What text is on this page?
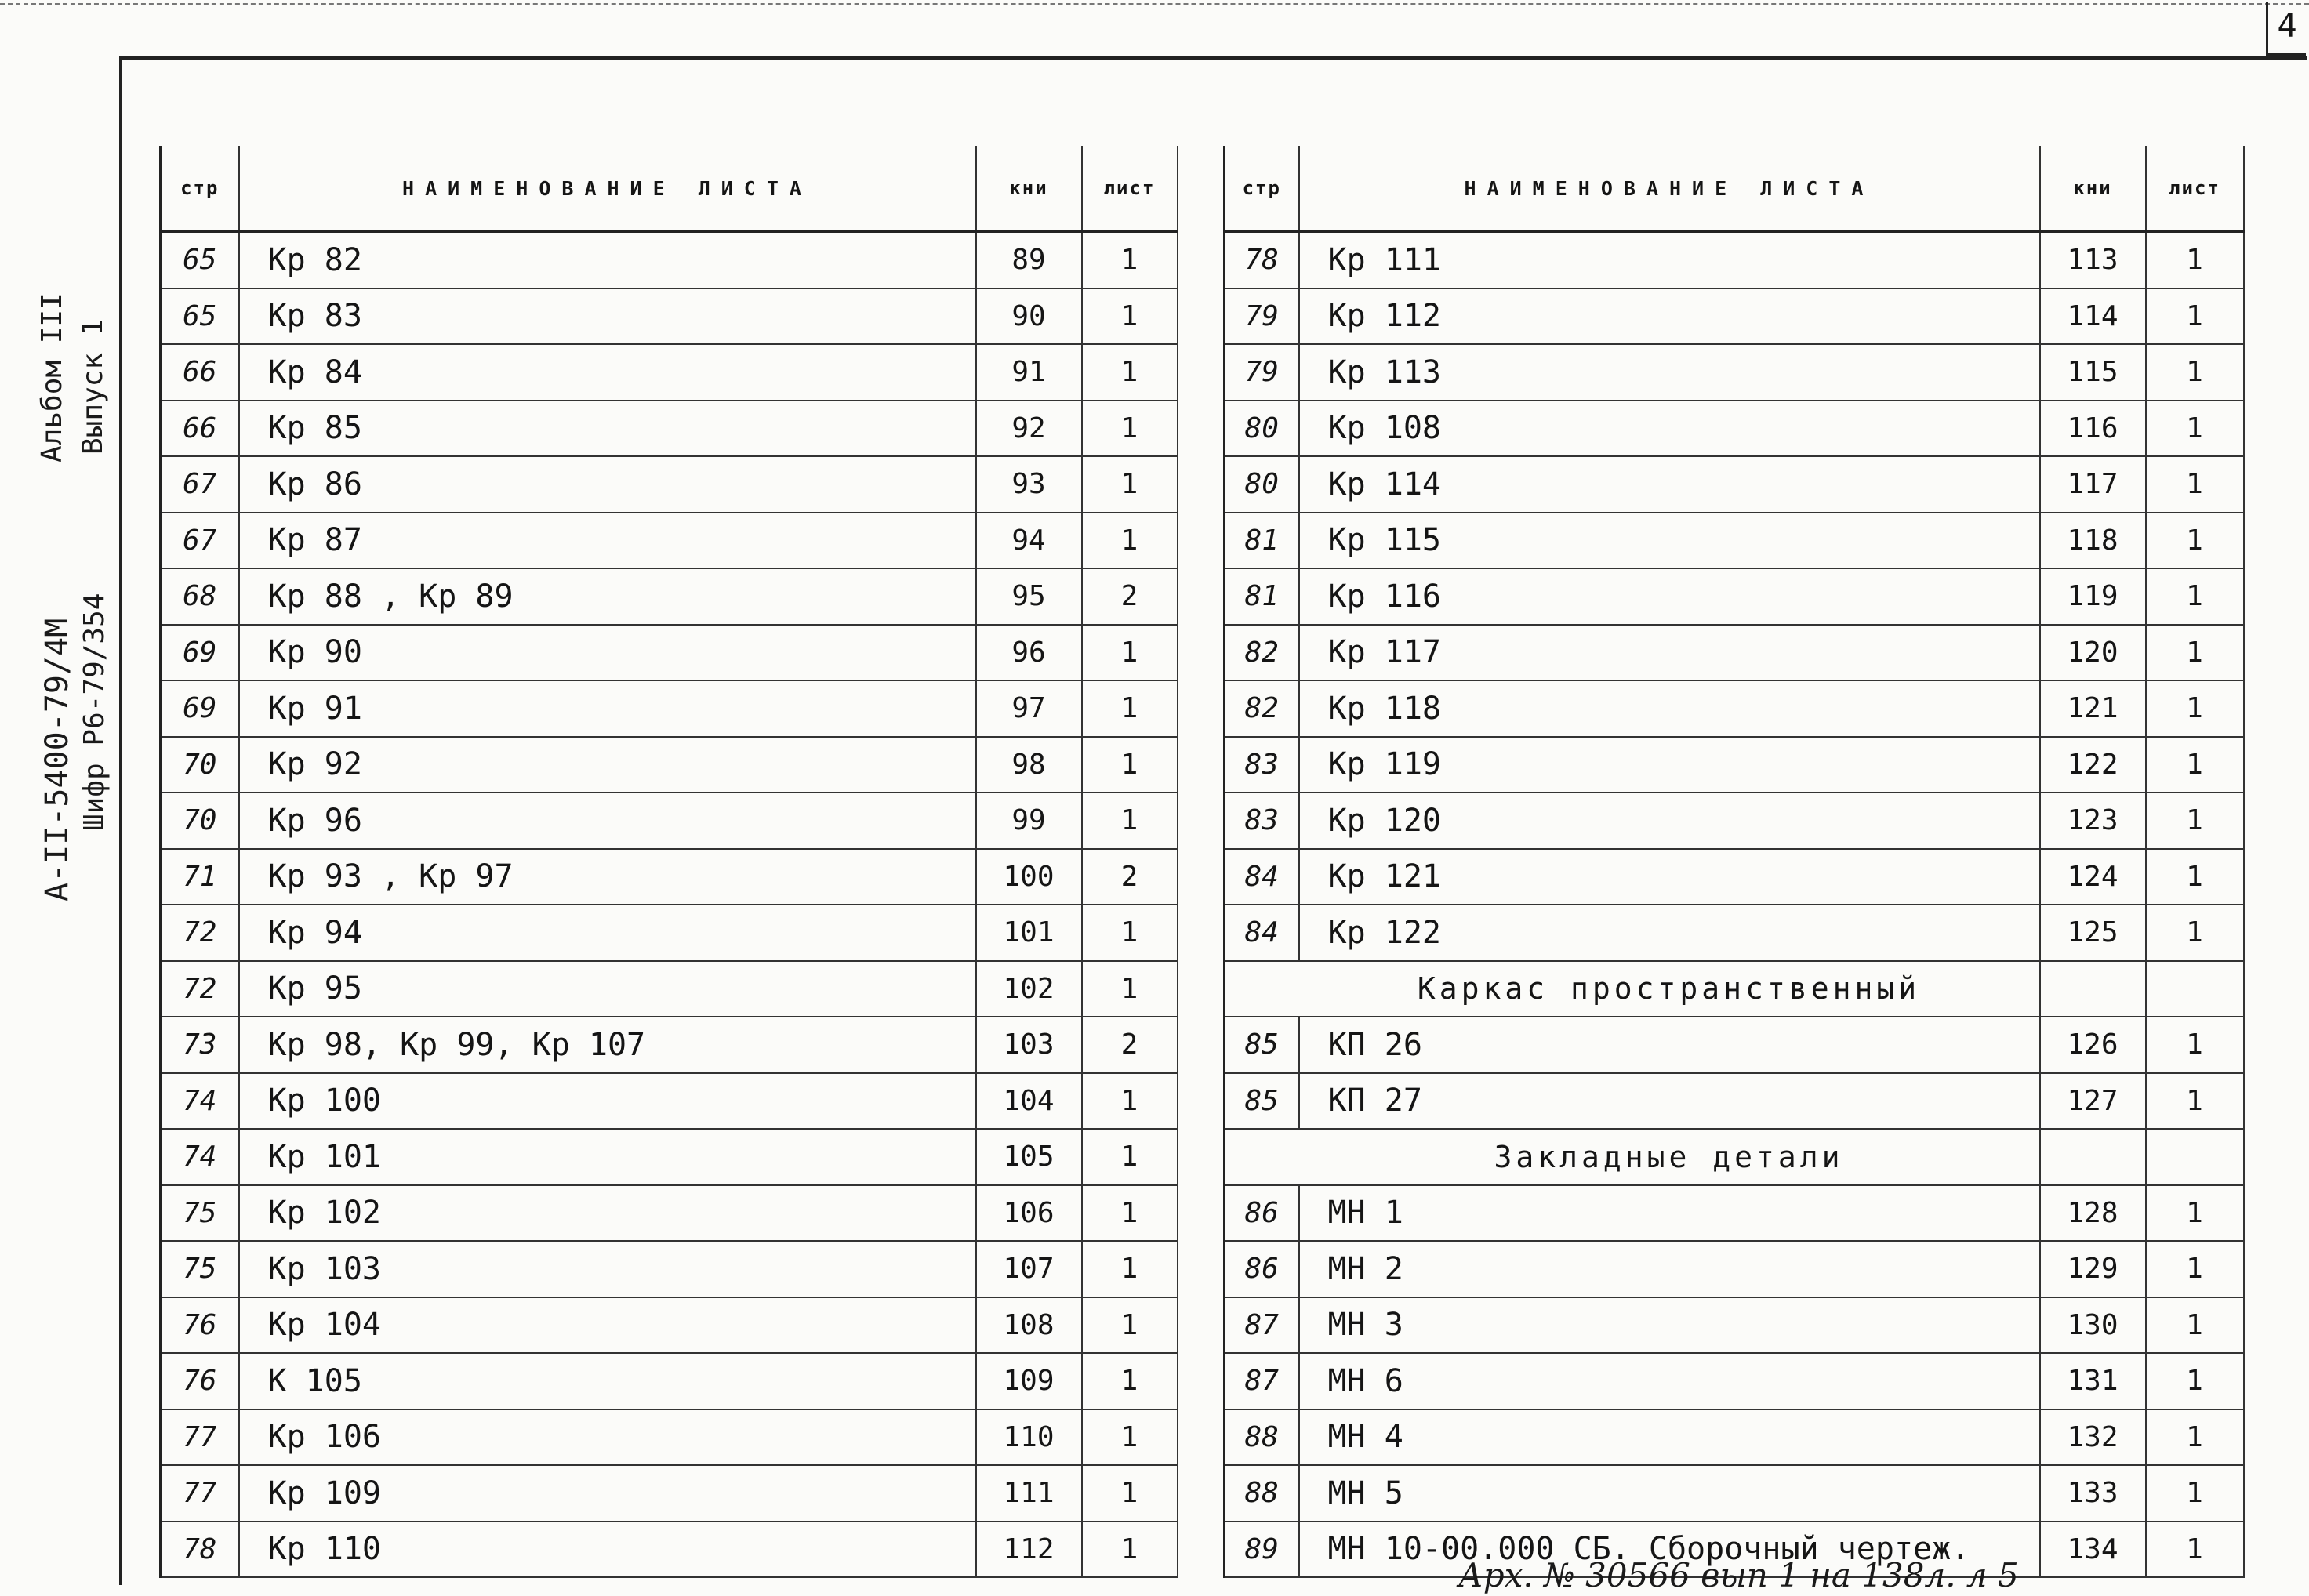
4
Альбом III Выпуск 1
А-II-5400-79/4М Шифр Р6-79/354
стр	НАИМЕНОВАНИЕ ЛИСТА	кни	лист
65	Кр 82	89	1
65	Кр 83	90	1
66	Кр 84	91	1
66	Кр 85	92	1
67	Кр 86	93	1
67	Кр 87	94	1
68	Кр 88 , Кр 89	95	2
69	Кр 90	96	1
69	Кр 91	97	1
70	Кр 92	98	1
70	Кр 96	99	1
71	Кр 93 , Кр 97	100	2
72	Кр 94	101	1
72	Кр 95	102	1
73	Кр 98, Кр 99, Кр 107	103	2
74	Кр 100	104	1
74	Кр 101	105	1
75	Кр 102	106	1
75	Кр 103	107	1
76	Кр 104	108	1
76	К 105	109	1
77	Кр 106	110	1
77	Кр 109	111	1
78	Кр 110	112	1
стр	НАИМЕНОВАНИЕ ЛИСТА	кни	лист
78	Кр 111	113	1
79	Кр 112	114	1
79	Кр 113	115	1
80	Кр 108	116	1
80	Кр 114	117	1
81	Кр 115	118	1
81	Кр 116	119	1
82	Кр 117	120	1
82	Кр 118	121	1
83	Кр 119	122	1
83	Кр 120	123	1
84	Кр 121	124	1
84	Кр 122	125	1
	Каркас пространственный		
85	КП 26	126	1
85	КП 27	127	1
	Закладные детали		
86	МН 1	128	1
86	МН 2	129	1
87	МН 3	130	1
87	МН 6	131	1
88	МН 4	132	1
88	МН 5	133	1
89	МН 10-00.000 СБ. Сборочный чертеж.	134	1
Арх. № 30566 вып 1 на 138л. л 5
